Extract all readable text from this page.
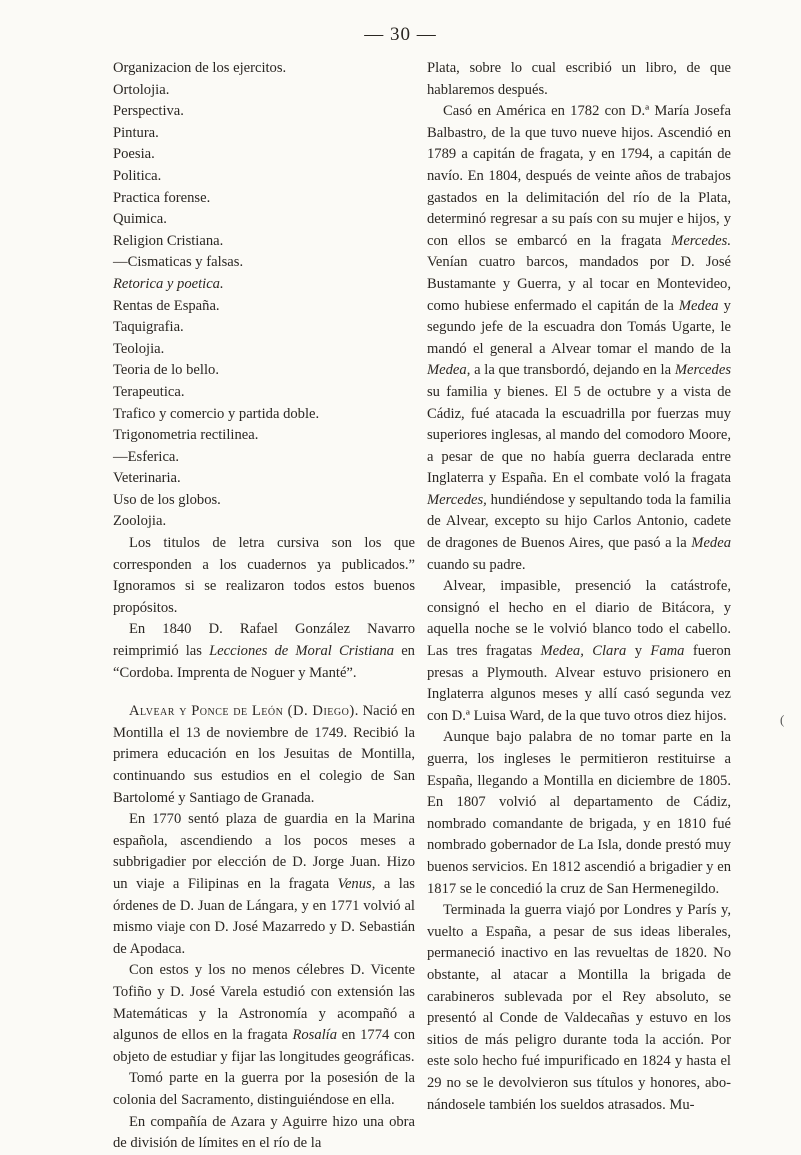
— 30 —

Organizacion de los ejercitos.

Ortolojia.

Perspectiva.

Pintura.

Poesia.

Politica.

Practica forense.

Quimica.

Religion Cristiana.

—Cismaticas y falsas.

Retorica y poetica.

Rentas de España.

Taquigrafia.

Teolojia.

Teoria de lo bello.

Terapeutica.

Trafico y comercio y partida doble.

Trigonometria rectilinea.

—Esferica.

Veterinaria.

Uso de los globos.

Zoolojia.

Los titulos de letra cursiva son los que corresponden a los cuadernos ya publicados.” Ignoramos si se realizaron todos estos buenos propósitos.

En 1840 D. Rafael González Navarro reimprimió las Lecciones de Moral Cristiana en “Cordoba. Imprenta de Noguer y Manté”.

Alvear y Ponce de León (D. Diego). Nació en Montilla el 13 de noviembre de 1749. Recibió la primera educación en los Jesuitas de Montilla, continuando sus estudios en el colegio de San Bartolomé y Santiago de Granada.

En 1770 sentó plaza de guardia en la Marina española, ascendiendo a los pocos meses a subbrigadier por elección de D. Jorge Juan. Hizo un viaje a Filipinas en la fragata Venus, a las órdenes de D. Juan de Lángara, y en 1771 volvió al mismo viaje con D. José Mazarredo y D. Sebastián de Apodaca.

Con estos y los no menos célebres D. Vicente Tofiño y D. José Varela estudió con extensión las Matemáticas y la Astronomía y acompañó a algunos de ellos en la fragata Rosalía en 1774 con objeto de estudiar y fijar las longitudes geográficas.

Tomó parte en la guerra por la posesión de la colonia del Sacramento, distinguiéndose en ella.

En compañía de Azara y Aguirre hizo una obra de división de límites en el río de la

Plata, sobre lo cual escribió un libro, de que hablaremos después.

Casó en América en 1782 con D.ª María Josefa Balbastro, de la que tuvo nueve hijos. Ascendió en 1789 a capitán de fragata, y en 1794, a capitán de navío. En 1804, después de veinte años de trabajos gastados en la delimitación del río de la Plata, determinó regresar a su país con su mujer e hijos, y con ellos se embarcó en la fragata Mercedes. Venían cuatro barcos, mandados por D. José Bustamante y Guerra, y al tocar en Montevideo, como hubiese enfermado el capitán de la Medea y segundo jefe de la escuadra don Tomás Ugarte, le mandó el general a Alvear tomar el mando de la Medea, a la que transbordó, dejando en la Mercedes su familia y bienes. El 5 de octubre y a vista de Cádiz, fué atacada la escuadrilla por fuerzas muy superiores inglesas, al mando del comodoro Moore, a pesar de que no había guerra declarada entre Inglaterra y España. En el combate voló la fragata Mercedes, hundiéndose y sepultando toda la familia de Alvear, excepto su hijo Carlos Antonio, cadete de dragones de Buenos Aires, que pasó a la Medea cuando su padre.

Alvear, impasible, presenció la catástrofe, consignó el hecho en el diario de Bitácora, y aquella noche se le volvió blanco todo el cabello. Las tres fragatas Medea, Clara y Fama fueron presas a Plymouth. Alvear estuvo prisionero en Inglaterra algunos meses y allí casó segunda vez con D.ª Luisa Ward, de la que tuvo otros diez hijos.

Aunque bajo palabra de no tomar parte en la guerra, los ingleses le permitieron restituirse a España, llegando a Montilla en diciembre de 1805. En 1807 volvió al departamento de Cádiz, nombrado comandante de brigada, y en 1810 fué nombrado gobernador de La Isla, donde prestó muy buenos servicios. En 1812 ascendió a brigadier y en 1817 se le concedió la cruz de San Hermenegildo.

Terminada la guerra viajó por Londres y París y, vuelto a España, a pesar de sus ideas liberales, permaneció inactivo en las revueltas de 1820. No obstante, al atacar a Montilla la brigada de carabineros sublevada por el Rey absoluto, se presentó al Conde de Valdecañas y estuvo en los sitios de más peligro durante toda la acción. Por este solo hecho fué impurificado en 1824 y hasta el 29 no se le devolvieron sus títulos y honores, abonándosele también los sueldos atrasados. Mu-

(
